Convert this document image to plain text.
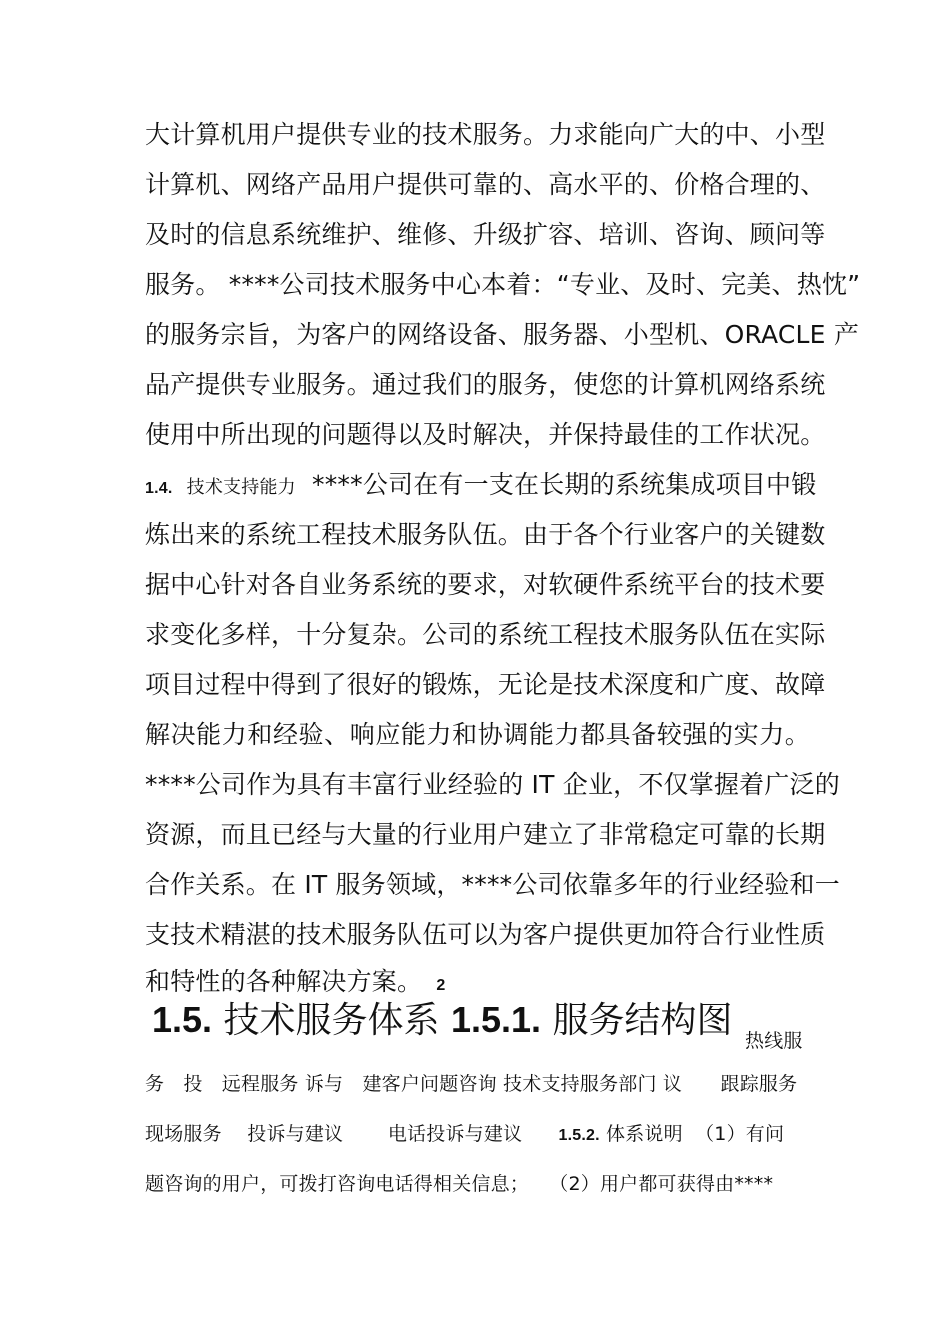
大计算机用户提供专业的技术服务。力求能向广大的中、小型
计算机、网络产品用户提供可靠的、高水平的、价格合理的、
及时的信息系统维护、维修、升级扩容、培训、咨询、顾问等
服务。 ****公司技术服务中心本着：“专业、及时、完美、热忱”
的服务宗旨，为客户的网络设备、服务器、小型机、ORACLE 产
品产提供专业服务。通过我们的服务，使您的计算机网络系统
使用中所出现的问题得以及时解决，并保持最佳的工作状况。
1.4. 技术支持能力 ****公司在有一支在长期的系统集成项目中锻
炼出来的系统工程技术服务队伍。由于各个行业客户的关键数
据中心针对各自业务系统的要求，对软硬件系统平台的技术要
求变化多样，十分复杂。公司的系统工程技术服务队伍在实际
项目过程中得到了很好的锻炼，无论是技术深度和广度、故障
解决能力和经验、响应能力和协调能力都具备较强的实力。
****公司作为具有丰富行业经验的 IT 企业，不仅掌握着广泛的
资源，而且已经与大量的行业用户建立了非常稳定可靠的长期
合作关系。在 IT 服务领域，****公司依靠多年的行业经验和一
支技术精湛的技术服务队伍可以为客户提供更加符合行业性质
和特性的各种解决方案。 2
1.5. 技术服务体系 1.5.1. 服务结构图 热线服
务　投　远程服务 诉与　建客户问题咨询 技术支持服务部门 议　　跟踪服务
现场服务　 投诉与建议　　 电话投诉与建议 1.5.2. 体系说明 （1）有问
题咨询的用户，可拨打咨询电话得相关信息； （2）用户都可获得由****
